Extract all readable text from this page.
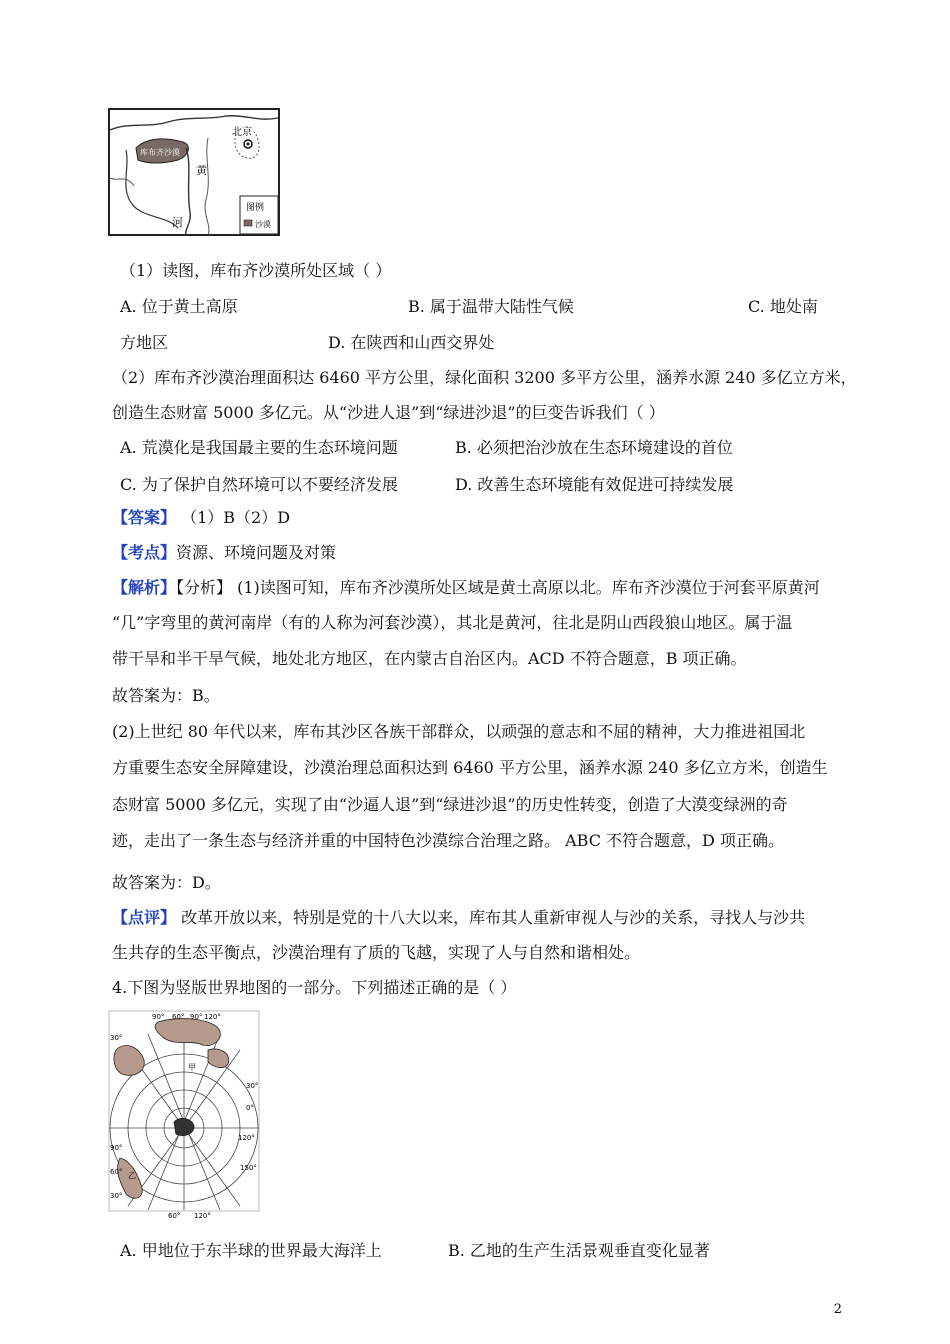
北京
库布齐沙漠
黄
河
图例
沙漠
（1）读图，库布齐沙漠所处区域（ ）
A. 位于黄土高原	B. 属于温带大陆性气候	C. 地处南
方地区	D. 在陕西和山西交界处
（2）库布齐沙漠治理面积达 6460 平方公里，绿化面积 3200 多平方公里，涵养水源 240 多亿立方米，
创造生态财富 5000 多亿元。从“沙进人退”到“绿进沙退”的巨变告诉我们（ ）
A. 荒漠化是我国最主要的生态环境问题	B. 必须把治沙放在生态环境建设的首位
C. 为了保护自然环境可以不要经济发展	D. 改善生态环境能有效促进可持续发展
【答案】 （1）B（2）D
【考点】资源、环境问题及对策
【解析】【分析】 (1)读图可知，库布齐沙漠所处区域是黄土高原以北。库布齐沙漠位于河套平原黄河
“几”字弯里的黄河南岸（有的人称为河套沙漠），其北是黄河，往北是阴山西段狼山地区。属于温
带干旱和半干旱气候，地处北方地区，在内蒙古自治区内。ACD 不符合题意，B 项正确。
故答案为：B。
(2)上世纪 80 年代以来，库布其沙区各族干部群众，以顽强的意志和不屈的精神，大力推进祖国北
方重要生态安全屏障建设，沙漠治理总面积达到 6460 平方公里，涵养水源 240 多亿立方米，创造生
态财富 5000 多亿元，实现了由“沙逼人退”到“绿进沙退”的历史性转变，创造了大漠变绿洲的奇
迹，走出了一条生态与经济并重的中国特色沙漠综合治理之路。 ABC 不符合题意，D 项正确。
故答案为：D。
【点评】 改革开放以来，特别是党的十八大以来，库布其人重新审视人与沙的关系，寻找人与沙共
生共存的生态平衡点，沙漠治理有了质的飞越，实现了人与自然和谐相处。
4.下图为竖版世界地图的一部分。下列描述正确的是（ ）
90° 60° 90° 120°
30°
甲
乙
30°
0°
120°
150°
90°
60°
30°
60° 120°
A. 甲地位于东半球的世界最大海洋上	B. 乙地的生产生活景观垂直变化显著
2
